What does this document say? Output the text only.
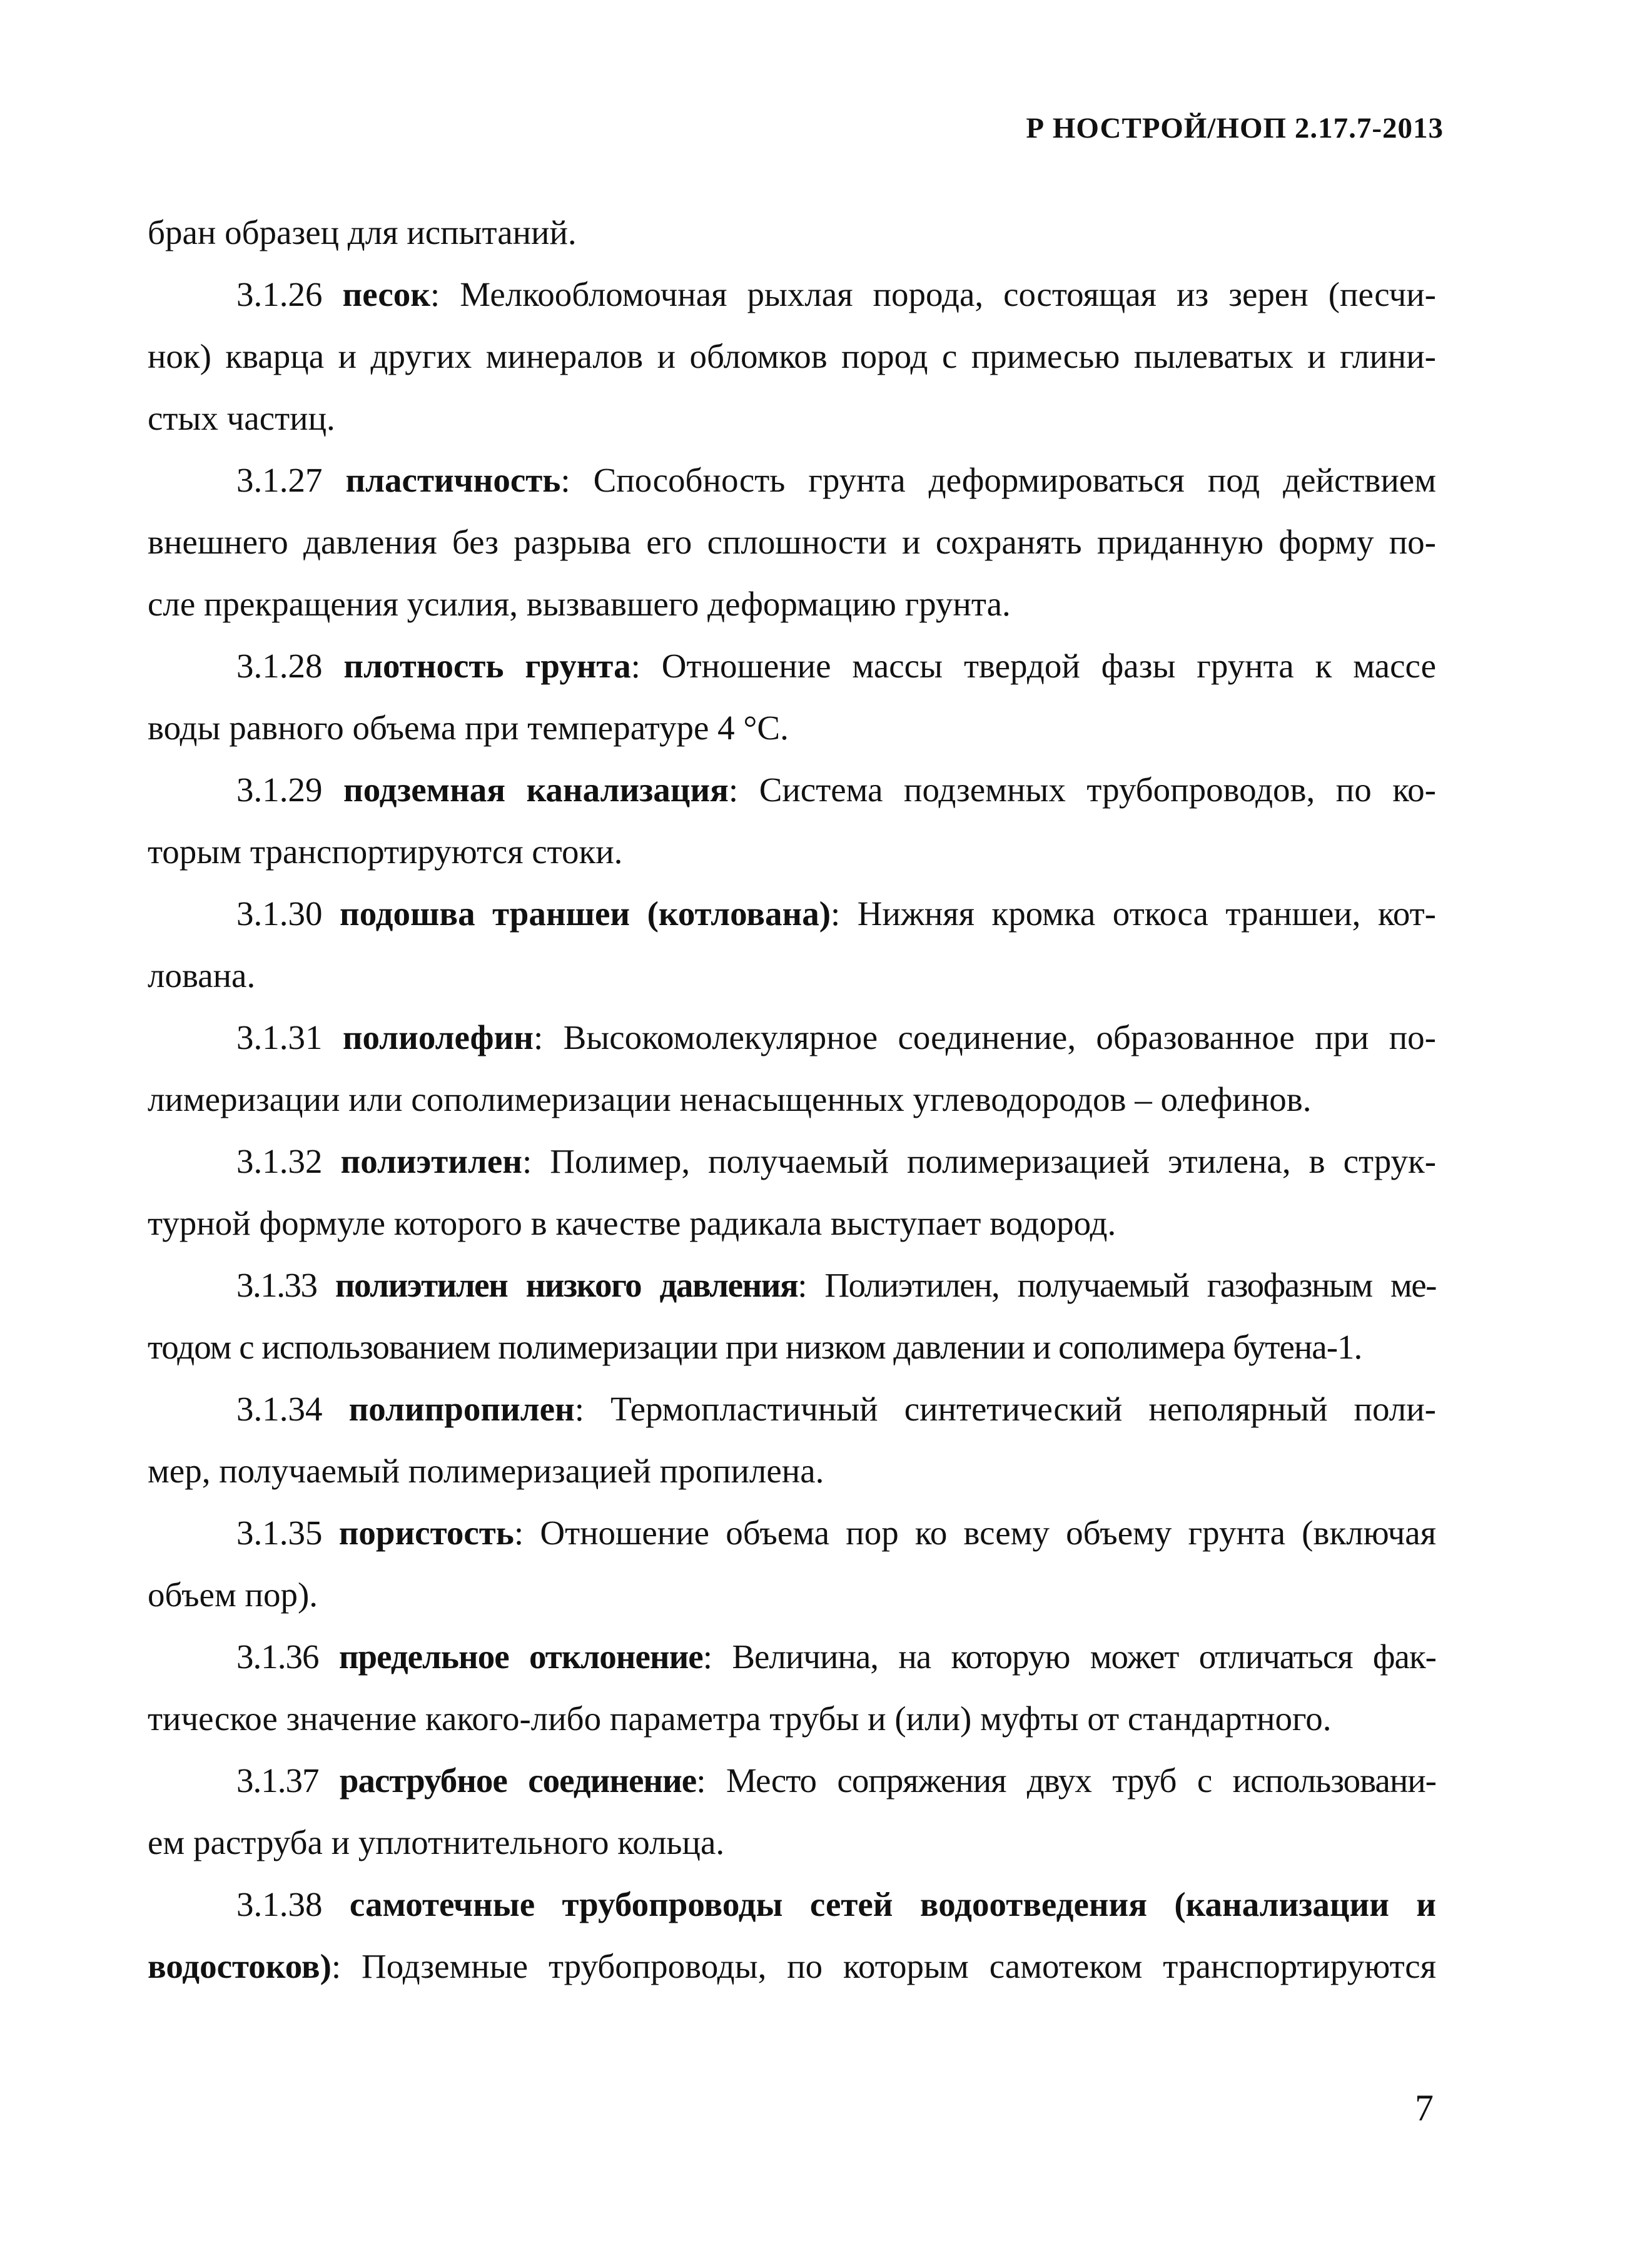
Р НОСТРОЙ/НОП 2.17.7-2013

бран образец для испытаний.

3.1.26 песок: Мелкообломочная рыхлая порода, состоящая из зерен (песчи-

нок) кварца и других минералов и обломков пород с примесью пылеватых и глини-

стых частиц.

3.1.27 пластичность: Способность грунта деформироваться под действием

внешнего давления без разрыва его сплошности и сохранять приданную форму по-

сле прекращения усилия, вызвавшего деформацию грунта.

3.1.28 плотность грунта: Отношение массы твердой фазы грунта к массе

воды равного объема при температуре 4 °С.

3.1.29 подземная канализация: Система подземных трубопроводов, по ко-

торым транспортируются стоки.

3.1.30 подошва траншеи (котлована): Нижняя кромка откоса траншеи, кот-

лована.

3.1.31 полиолефин: Высокомолекулярное соединение, образованное при по-

лимеризации или сополимеризации ненасыщенных углеводородов – олефинов.

3.1.32 полиэтилен: Полимер, получаемый полимеризацией этилена, в струк-

турной формуле которого в качестве радикала выступает водород.

3.1.33 полиэтилен низкого давления: Полиэтилен, получаемый газофазным ме-

тодом с использованием полимеризации при низком давлении и сополимера бутена-1.

3.1.34 полипропилен: Термопластичный синтетический неполярный поли-

мер, получаемый полимеризацией пропилена.

3.1.35 пористость: Отношение объема пор ко всему объему грунта (включая

объем пор).

3.1.36 предельное отклонение: Величина, на которую может отличаться фак-

тическое значение какого-либо параметра трубы и (или) муфты от стандартного.

3.1.37 раструбное соединение: Место сопряжения двух труб с использовани-

ем раструба и уплотнительного кольца.

3.1.38 самотечные трубопроводы сетей водоотведения (канализации и

водостоков): Подземные трубопроводы, по которым самотеком транспортируются

7
